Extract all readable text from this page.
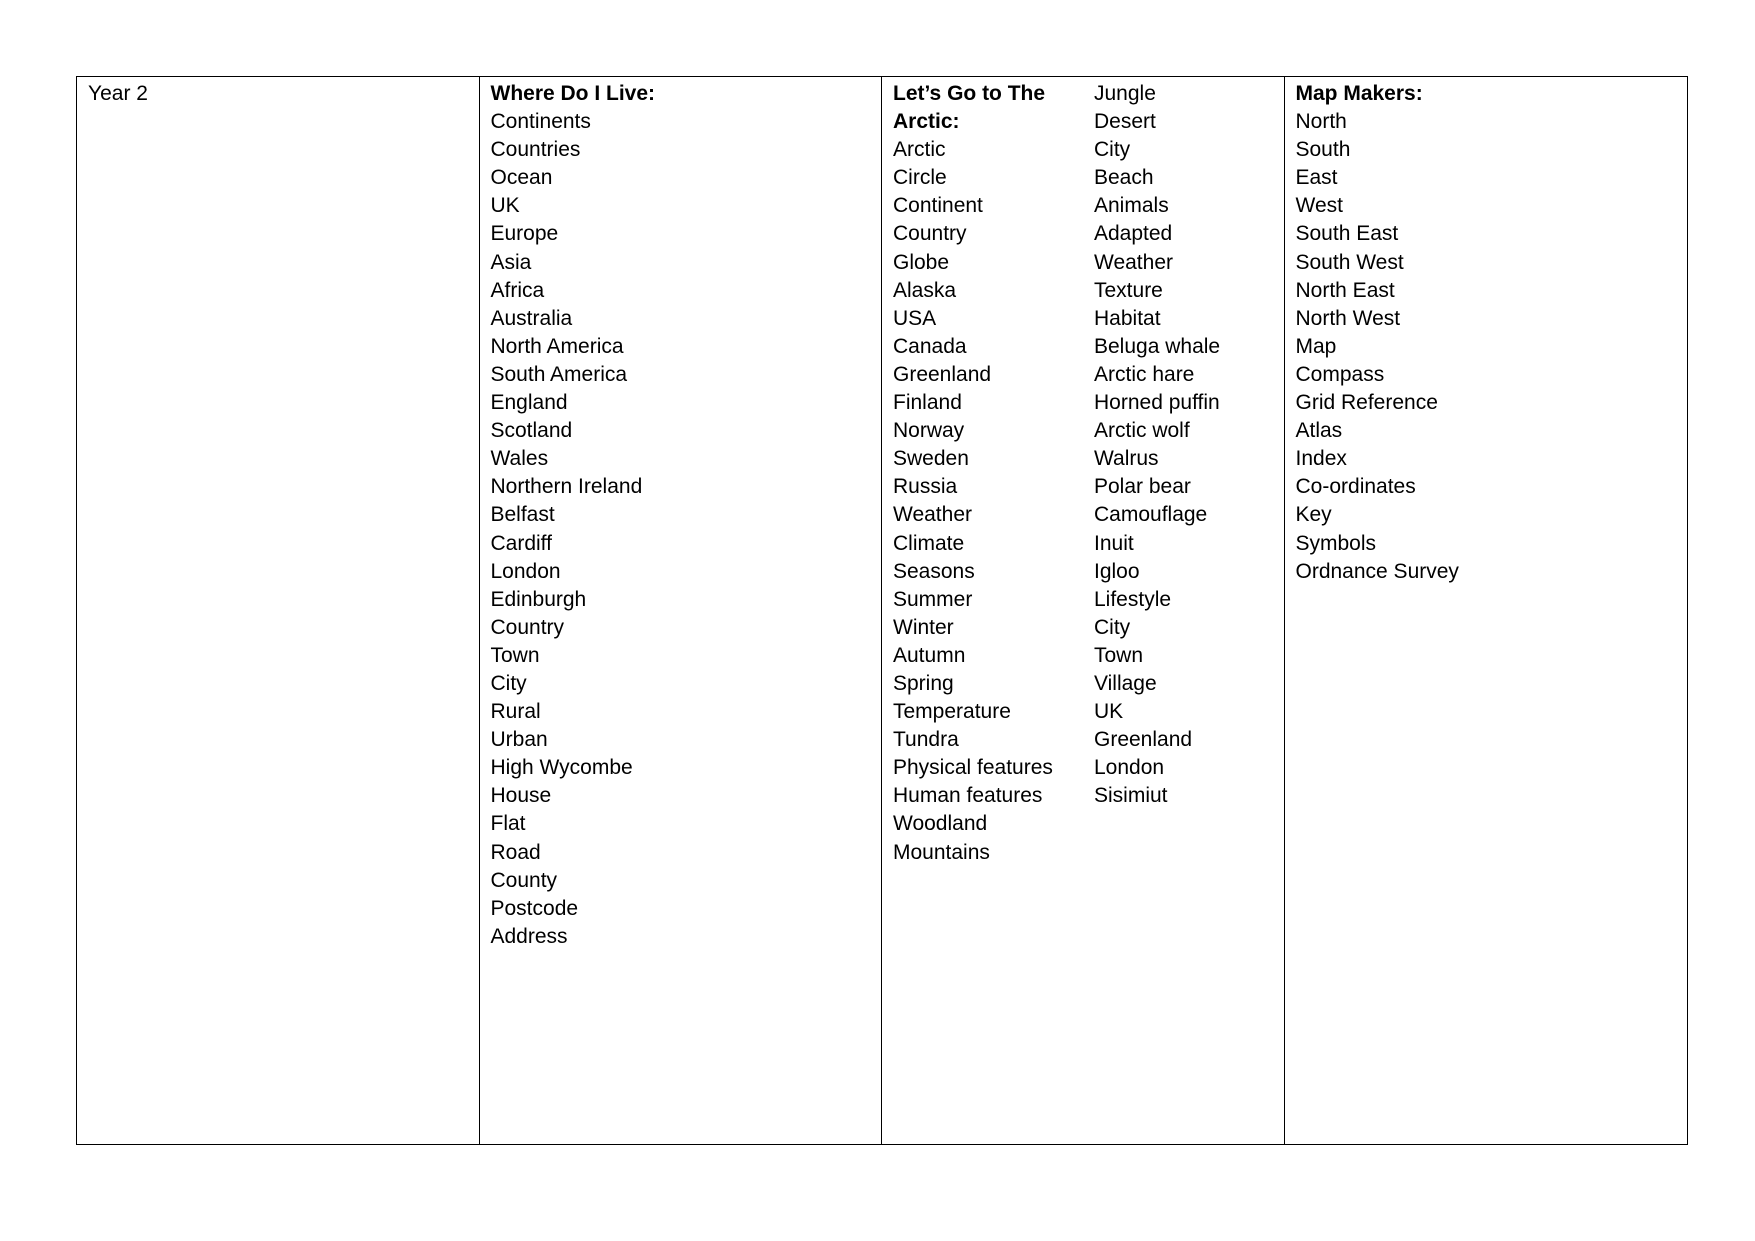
Year 2	Where Do I Live:
Continents
Countries
Ocean
UK
Europe
Asia
Africa
Australia
North America
South America
England
Scotland
Wales
Northern Ireland
Belfast
Cardiff
London
Edinburgh
Country
Town
City
Rural
Urban
High Wycombe
House
Flat
Road
County
Postcode
Address
Let’s Go to The Arctic:
Arctic
Circle
Continent
Country
Globe
Alaska
USA
Canada
Greenland
Finland
Norway
Sweden
Russia
Weather
Climate
Seasons
Summer
Winter
Autumn
Spring
Temperature
Tundra
Physical features
Human features
Woodland
Mountains
Jungle
Desert
City
Beach
Animals
Adapted
Weather
Texture
Habitat
Beluga whale
Arctic hare
Horned puffin
Arctic wolf
Walrus
Polar bear
Camouflage
Inuit
Igloo
Lifestyle
City
Town
Village
UK
Greenland
London
Sisimiut
Map Makers:
North
South
East
West
South East
South West
North East
North West
Map
Compass
Grid Reference
Atlas
Index
Co-ordinates
Key
Symbols
Ordnance Survey
